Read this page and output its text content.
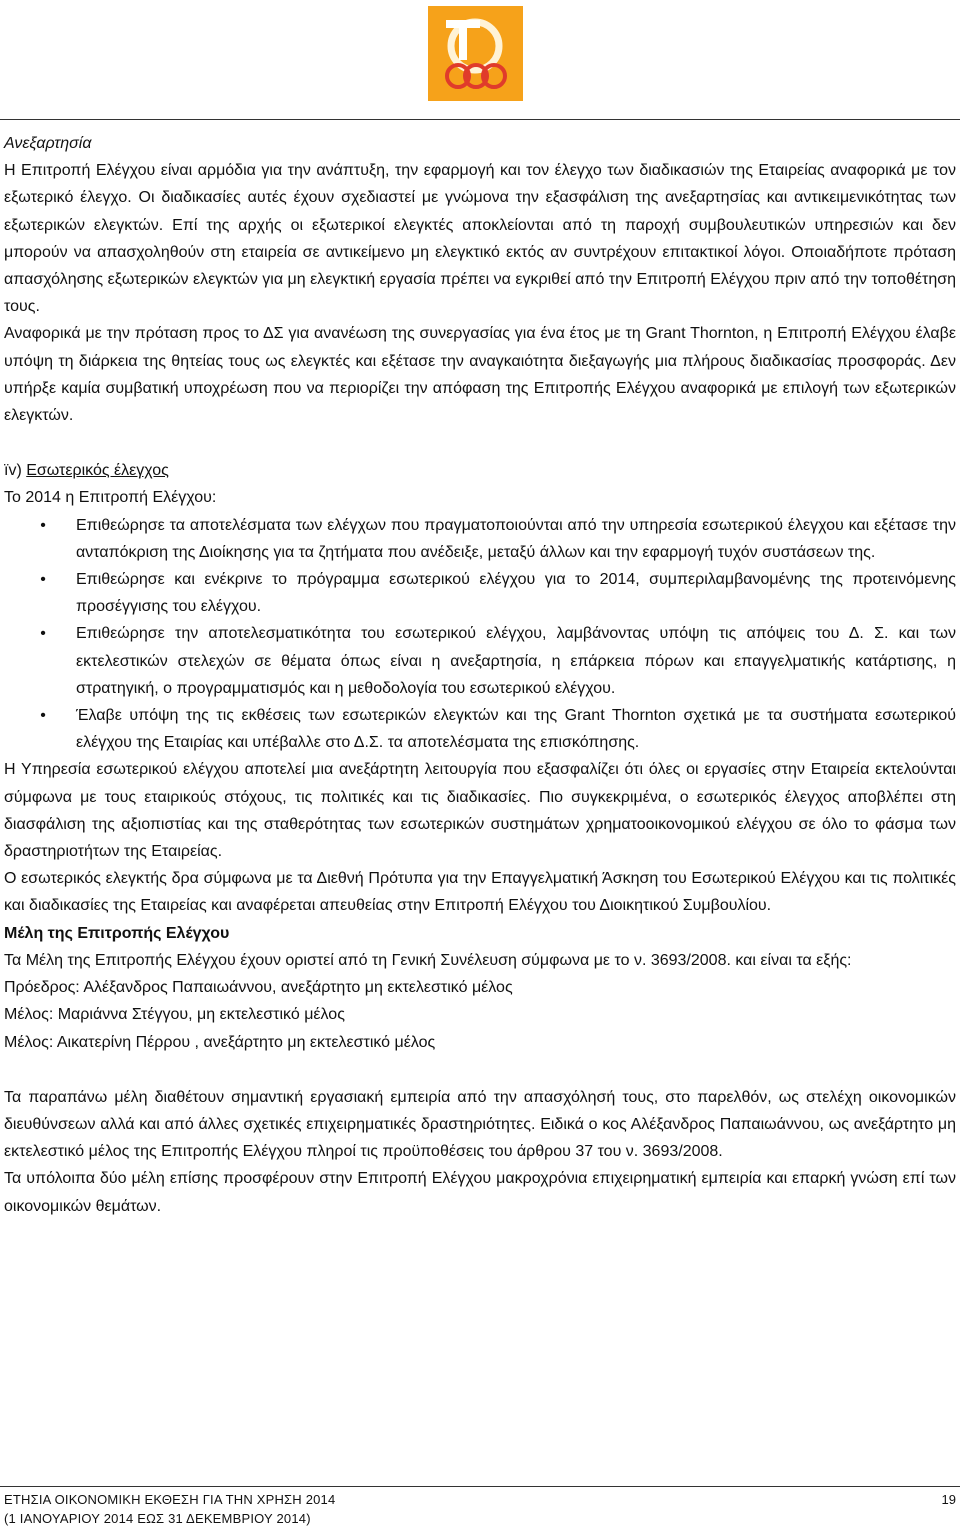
Ανεξαρτησία

Η Επιτροπή Ελέγχου είναι αρμόδια για την ανάπτυξη, την εφαρμογή και τον έλεγχο των διαδικασιών της Εταιρείας αναφορικά με τον εξωτερικό έλεγχο. Οι διαδικασίες αυτές έχουν σχεδιαστεί με γνώμονα την εξασφάλιση της ανεξαρτησίας και αντικειμενικότητας των εξωτερικών ελεγκτών. Επί της αρχής οι εξωτερικοί ελεγκτές αποκλείονται από τη παροχή συμβουλευτικών υπηρεσιών και δεν μπορούν να απασχοληθούν στη εταιρεία σε αντικείμενο μη ελεγκτικό εκτός αν συντρέχουν επιτακτικοί λόγοι. Οποιαδήποτε πρόταση απασχόλησης εξωτερικών ελεγκτών για μη ελεγκτική εργασία πρέπει να εγκριθεί από την Επιτροπή Ελέγχου πριν από την τοποθέτηση τους.

Αναφορικά με την πρόταση προς το ΔΣ για ανανέωση της συνεργασίας για ένα έτος με τη Grant Thornton, η Επιτροπή Ελέγχου έλαβε υπόψη τη διάρκεια της θητείας τους ως ελεγκτές και εξέτασε την αναγκαιότητα διεξαγωγής μια πλήρους διαδικασίας προσφοράς. Δεν υπήρξε καμία συμβατική υποχρέωση που να περιορίζει την απόφαση της Επιτροπής Ελέγχου αναφορικά με επιλογή των εξωτερικών ελεγκτών.

ïv) Εσωτερικός έλεγχος

Το 2014 η Επιτροπή Ελέγχου:

• Επιθεώρησε τα αποτελέσματα των ελέγχων που πραγματοποιούνται από την υπηρεσία εσωτερικού έλεγχου και εξέτασε την ανταπόκριση της Διοίκησης για τα ζητήματα που ανέδειξε, μεταξύ άλλων και την εφαρμογή τυχόν συστάσεων της.
• Επιθεώρησε και ενέκρινε το πρόγραμμα εσωτερικού ελέγχου για το 2014, συμπεριλαμβανομένης της προτεινόμενης προσέγγισης του ελέγχου.
• Επιθεώρησε την αποτελεσματικότητα του εσωτερικού ελέγχου, λαμβάνοντας υπόψη τις απόψεις του Δ. Σ. και των εκτελεστικών στελεχών σε θέματα όπως είναι η ανεξαρτησία, η επάρκεια πόρων και επαγγελματικής κατάρτισης, η στρατηγική, ο προγραμματισμός και η μεθοδολογία του εσωτερικού ελέγχου.
• Έλαβε υπόψη της τις εκθέσεις των εσωτερικών ελεγκτών και της Grant Thornton σχετικά με τα συστήματα εσωτερικού ελέγχου της Εταιρίας και υπέβαλλε στο Δ.Σ. τα αποτελέσματα της επισκόπησης.

Η Υπηρεσία εσωτερικού ελέγχου αποτελεί μια ανεξάρτητη λειτουργία που εξασφαλίζει ότι όλες οι εργασίες στην Εταιρεία εκτελούνται σύμφωνα με τους εταιρικούς στόχους, τις πολιτικές και τις διαδικασίες. Πιο συγκεκριμένα, ο εσωτερικός έλεγχος αποβλέπει στη διασφάλιση της αξιοπιστίας και της σταθερότητας των εσωτερικών συστημάτων χρηματοοικονομικού ελέγχου σε όλο το φάσμα των δραστηριοτήτων της Εταιρείας.

Ο εσωτερικός ελεγκτής δρα σύμφωνα με τα Διεθνή Πρότυπα για την Επαγγελματική Άσκηση του Εσωτερικού Ελέγχου και τις πολιτικές και διαδικασίες της Εταιρείας και αναφέρεται απευθείας στην Επιτροπή Ελέγχου του Διοικητικού Συμβουλίου.

Μέλη της Επιτροπής Ελέγχου

Τα Μέλη της Επιτροπής Ελέγχου έχουν οριστεί από τη Γενική Συνέλευση σύμφωνα με το ν. 3693/2008. και είναι τα εξής:

Πρόεδρος: Αλέξανδρος Παπαιωάννου, ανεξάρτητο μη εκτελεστικό μέλος

Μέλος: Μαριάννα Στέγγου, μη εκτελεστικό μέλος

Μέλος: Αικατερίνη Πέρρου , ανεξάρτητο μη εκτελεστικό μέλος

Τα παραπάνω μέλη διαθέτουν σημαντική εργασιακή εμπειρία από την απασχόλησή τους, στο παρελθόν, ως στελέχη οικονομικών διευθύνσεων αλλά και από άλλες σχετικές επιχειρηματικές δραστηριότητες. Ειδικά ο κος Αλέξανδρος Παπαιωάννου, ως ανεξάρτητο μη εκτελεστικό μέλος της Επιτροπής Ελέγχου πληροί τις προϋποθέσεις του άρθρου 37 του ν. 3693/2008.

Τα υπόλοιπα δύο μέλη επίσης προσφέρουν στην Επιτροπή Ελέγχου μακροχρόνια επιχειρηματική εμπειρία και επαρκή γνώση επί των οικονομικών θεμάτων.

ΕΤΗΣΙΑ ΟΙΚΟΝΟΜΙΚΗ ΕΚΘΕΣΗ ΓΙΑ ΤΗΝ ΧΡΗΣΗ 2014
(1 ΙΑΝΟΥΑΡΙΟΥ 2014 ΕΩΣ 31 ΔΕΚΕΜΒΡΙΟΥ 2014)
19
